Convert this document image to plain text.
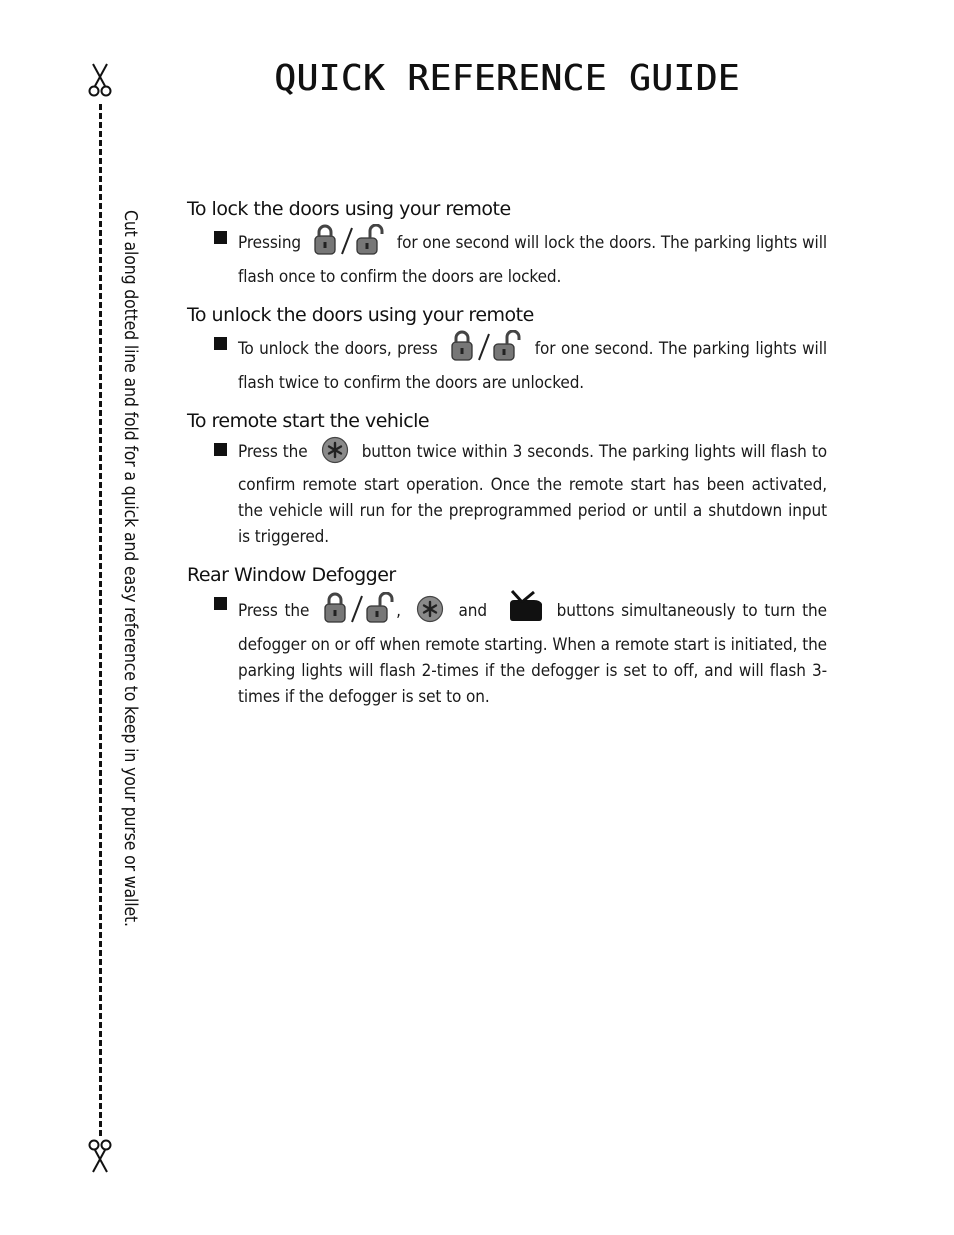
QUICK REFERENCE GUIDE
Cut along dotted line and fold for a quick and easy reference to keep in your purse or wallet.
To lock the doors using your remote
Pressing	for one second will lock the doors. The parking lights will flash once to confirm the doors are locked.
To unlock the doors using your remote
To unlock the doors, press	for one second. The parking lights will flash twice to confirm the doors are unlocked.
To remote start the vehicle
Press the	button twice within 3 seconds. The parking lights will flash to confirm remote start operation. Once the remote start has been activated, the vehicle will run for the preprogrammed period or until a shutdown input is triggered.
Rear Window Defogger
Press the	,	and	buttons simultaneously to turn the defogger on or off when remote starting. When a remote start is initiated, the parking lights will flash 2-times if the defogger is set to off, and will flash 3-times if the defogger is set to on.
